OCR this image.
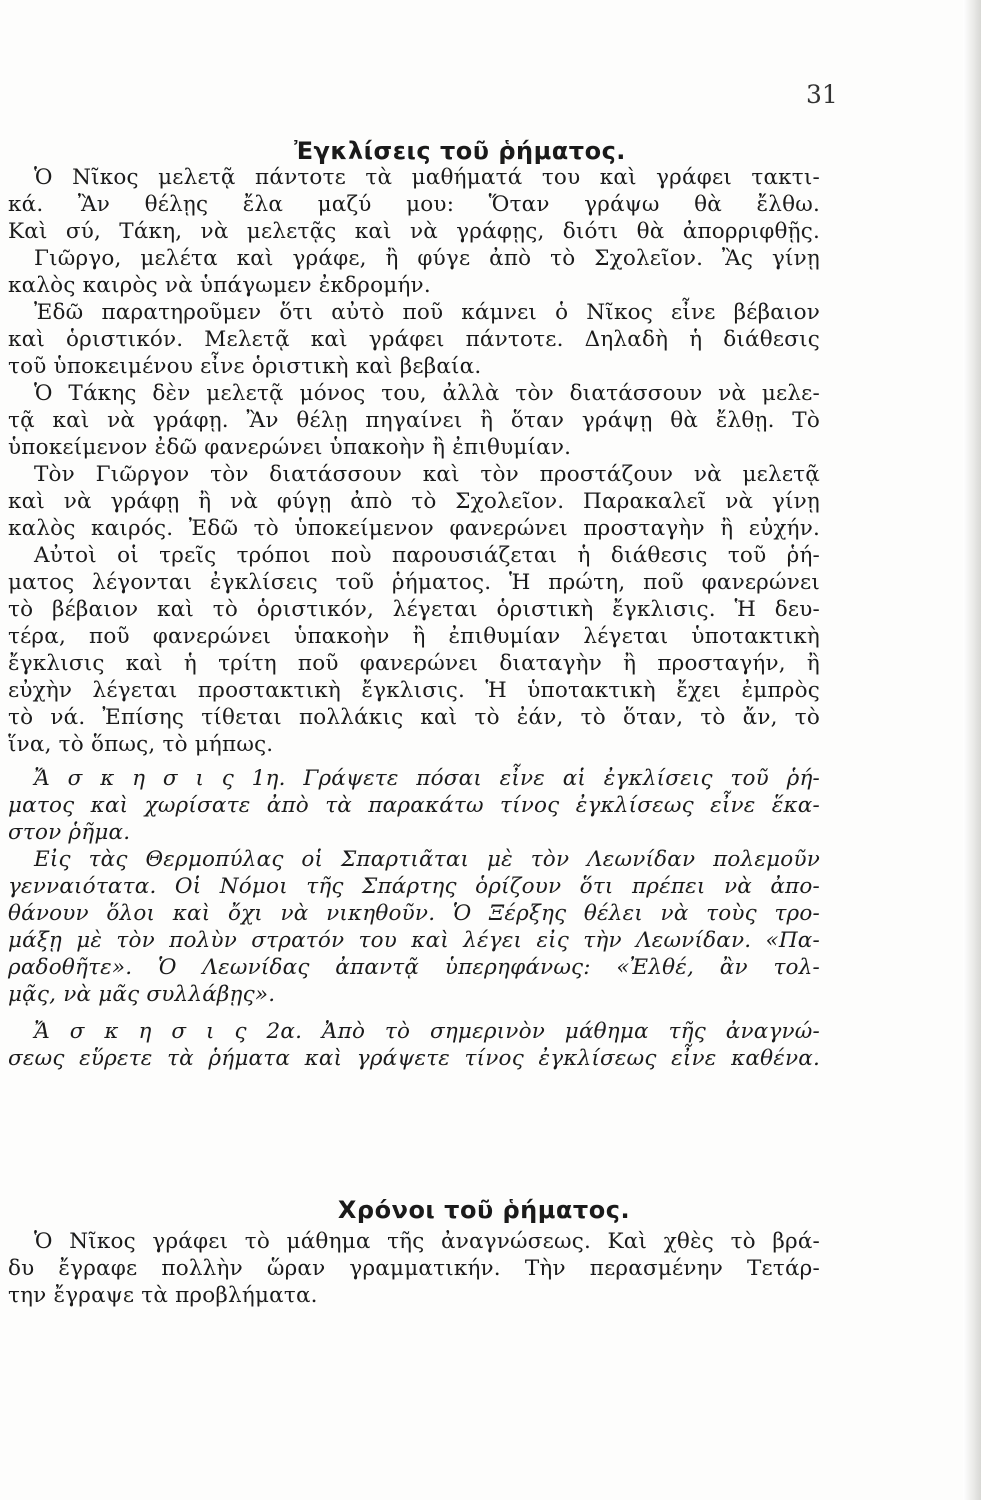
31
Ἐγκλίσεις τοῦ ῥήματος.
Ὁ Νῖκος μελετᾷ πάντοτε τὰ μαθήματά του καὶ γράφει τακτι-
κά. Ἂν θέλῃς ἔλα μαζύ μου: Ὅταν γράψω θὰ ἔλθω.
Καὶ σύ, Τάκη, νὰ μελετᾷς καὶ νὰ γράφῃς, διότι θὰ ἀπορριφθῇς.
Γιῶργο, μελέτα καὶ γράφε, ἢ φύγε ἀπὸ τὸ Σχολεῖον. Ἂς γίνῃ
καλὸς καιρὸς νὰ ὑπάγωμεν ἐκδρομήν.
Ἐδῶ παρατηροῦμεν ὅτι αὐτὸ ποῦ κάμνει ὁ Νῖκος εἶνε βέβαιον
καὶ ὁριστικόν. Μελετᾷ καὶ γράφει πάντοτε. Δηλαδὴ ἡ διάθεσις
τοῦ ὑποκειμένου εἶνε ὁριστικὴ καὶ βεβαία.
Ὁ Τάκης δὲν μελετᾷ μόνος του, ἀλλὰ τὸν διατάσσουν νὰ μελε-
τᾷ καὶ νὰ γράφῃ. Ἂν θέλῃ πηγαίνει ἢ ὅταν γράψῃ θὰ ἔλθῃ. Τὸ
ὑποκείμενον ἐδῶ φανερώνει ὑπακοὴν ἢ ἐπιθυμίαν.
Τὸν Γιῶργον τὸν διατάσσουν καὶ τὸν προστάζουν νὰ μελετᾷ
καὶ νὰ γράφῃ ἢ νὰ φύγῃ ἀπὸ τὸ Σχολεῖον. Παρακαλεῖ νὰ γίνῃ
καλὸς καιρός. Ἐδῶ τὸ ὑποκείμενον φανερώνει προσταγὴν ἢ εὐχήν.
Αὐτοὶ οἱ τρεῖς τρόποι ποὺ παρουσιάζεται ἡ διάθεσις τοῦ ῥή-
ματος λέγονται ἐγκλίσεις τοῦ ῥήματος. Ἡ πρώτη, ποῦ φανερώνει
τὸ βέβαιον καὶ τὸ ὁριστικόν, λέγεται ὁριστικὴ ἔγκλισις. Ἡ δευ-
τέρα, ποῦ φανερώνει ὑπακοὴν ἢ ἐπιθυμίαν λέγεται ὑποτακτικὴ
ἔγκλισις καὶ ἡ τρίτη ποῦ φανερώνει διαταγὴν ἢ προσταγήν, ἢ
εὐχὴν λέγεται προστακτικὴ ἔγκλισις. Ἡ ὑποτακτικὴ ἔχει ἐμπρὸς
τὸ νά. Ἐπίσης τίθεται πολλάκις καὶ τὸ ἐάν, τὸ ὅταν, τὸ ἄν, τὸ
ἵνα, τὸ ὅπως, τὸ μήπως.
Ἄ σ κ η σ ι ς 1η. Γράψετε πόσαι εἶνε αἱ ἐγκλίσεις τοῦ ῥή-
ματος καὶ χωρίσατε ἀπὸ τὰ παρακάτω τίνος ἐγκλίσεως εἶνε ἕκα-
στον ῥῆμα.
Εἰς τὰς Θερμοπύλας οἱ Σπαρτιᾶται μὲ τὸν Λεωνίδαν πολεμοῦν
γενναιότατα. Οἱ Νόμοι τῆς Σπάρτης ὁρίζουν ὅτι πρέπει νὰ ἀπο-
θάνουν ὅλοι καὶ ὄχι νὰ νικηθοῦν. Ὁ Ξέρξης θέλει νὰ τοὺς τρο-
μάξῃ μὲ τὸν πολὺν στρατόν του καὶ λέγει εἰς τὴν Λεωνίδαν. «Πα-
ραδοθῆτε». Ὁ Λεωνίδας ἀπαντᾷ ὑπερηφάνως: «Ἐλθέ, ἂν τολ-
μᾷς, νὰ μᾶς συλλάβῃς».
Ἄ σ κ η σ ι ς 2α. Ἀπὸ τὸ σημερινὸν μάθημα τῆς ἀναγνώ-
σεως εὕρετε τὰ ῥήματα καὶ γράψετε τίνος ἐγκλίσεως εἶνε καθένα.
Χρόνοι τοῦ ῥήματος.
Ὁ Νῖκος γράφει τὸ μάθημα τῆς ἀναγνώσεως. Καὶ χθὲς τὸ βρά-
δυ ἔγραφε πολλὴν ὥραν γραμματικήν. Τὴν περασμένην Τετάρ-
την ἔγραψε τὰ προβλήματα.
